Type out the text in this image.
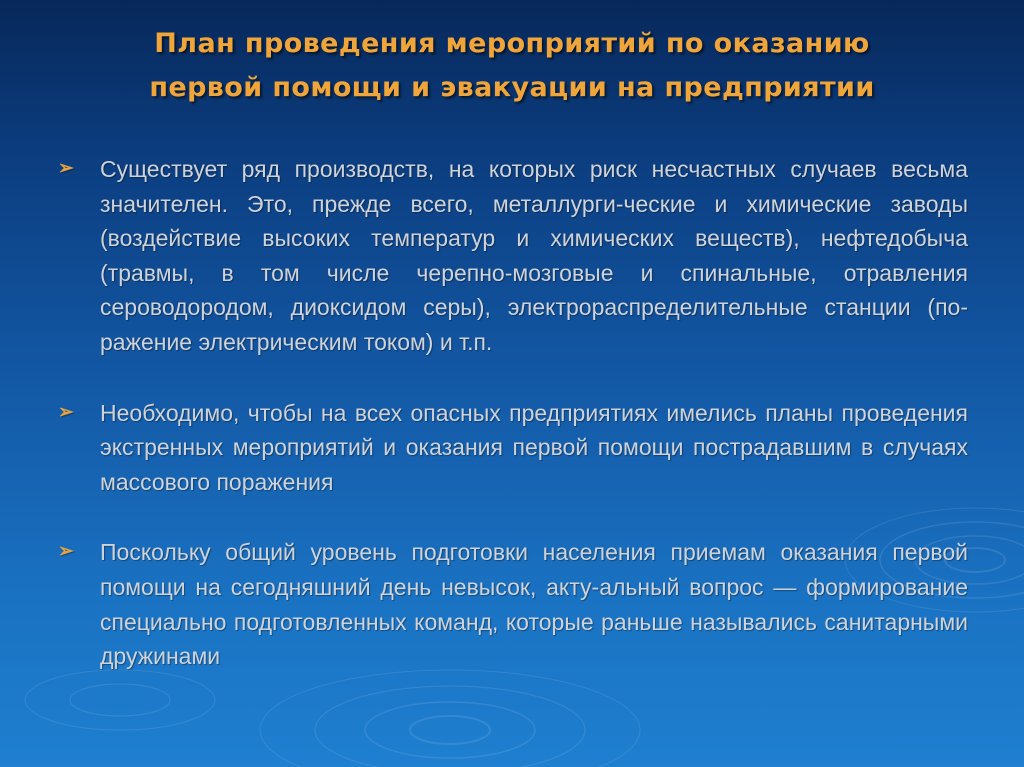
План проведения мероприятий по оказанию
первой помощи и эвакуации на предприятии
➢ Существует ряд производств, на которых риск несчастных случаев весьма значителен. Это, прежде всего, металлурги-ческие и химические заводы (воздействие высоких температур и химических веществ), нефтедобыча (травмы, в том числе черепно-мозговые и спинальные, отравления сероводородом, диоксидом серы), электрораспределительные станции (по-ражение электрическим током) и т.п.
➢ Необходимо, чтобы на всех опасных предприятиях имелись планы проведения экстренных мероприятий и оказания первой помощи пострадавшим в случаях массового поражения
➢ Поскольку общий уровень подготовки населения приемам оказания первой помощи на сегодняшний день невысок, акту-альный вопрос — формирование специально подготовленных команд, которые раньше назывались санитарными дружинами
